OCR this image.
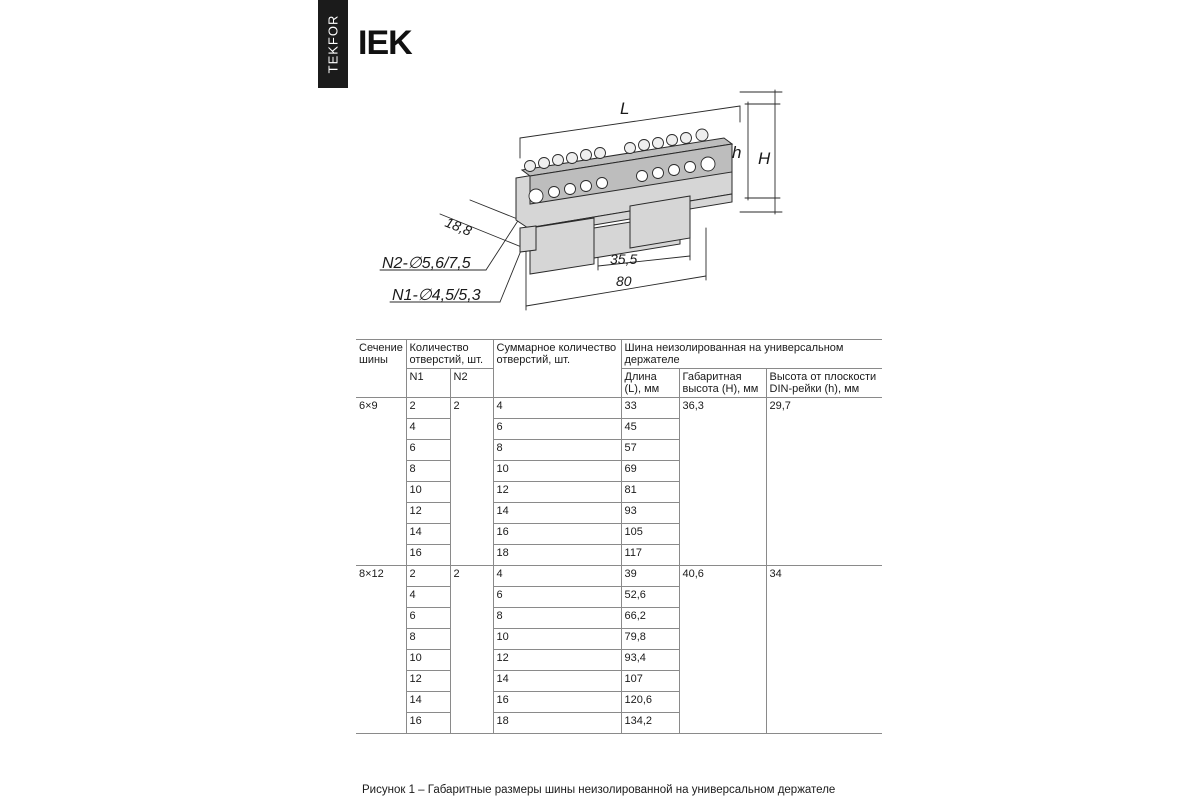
TEKFOR IEK
L
h H
18,8
35,5
80
N2-∅5,6/7,5
N1-∅4,5/5,3
Сечение шины	Количество отверстий, шт.		Суммарное количество отверстий, шт.	Шина неизолированная на универсальном держателе		
	N1	N2		Длина (L), мм	Габаритная высота (H), мм	Высота от плоскости DIN-рейки (h), мм
6×9	2	2	4	33	36,3	29,7
	4		6	45		
	6		8	57		
	8		10	69		
	10		12	81		
	12		14	93		
	14		16	105		
	16		18	117		
8×12	2	2	4	39	40,6	34
	4		6	52,6		
	6		8	66,2		
	8		10	79,8		
	10		12	93,4		
	12		14	107		
	14		16	120,6		
	16		18	134,2		
Рисунок 1 – Габаритные размеры шины неизолированной на универсальном держателе
